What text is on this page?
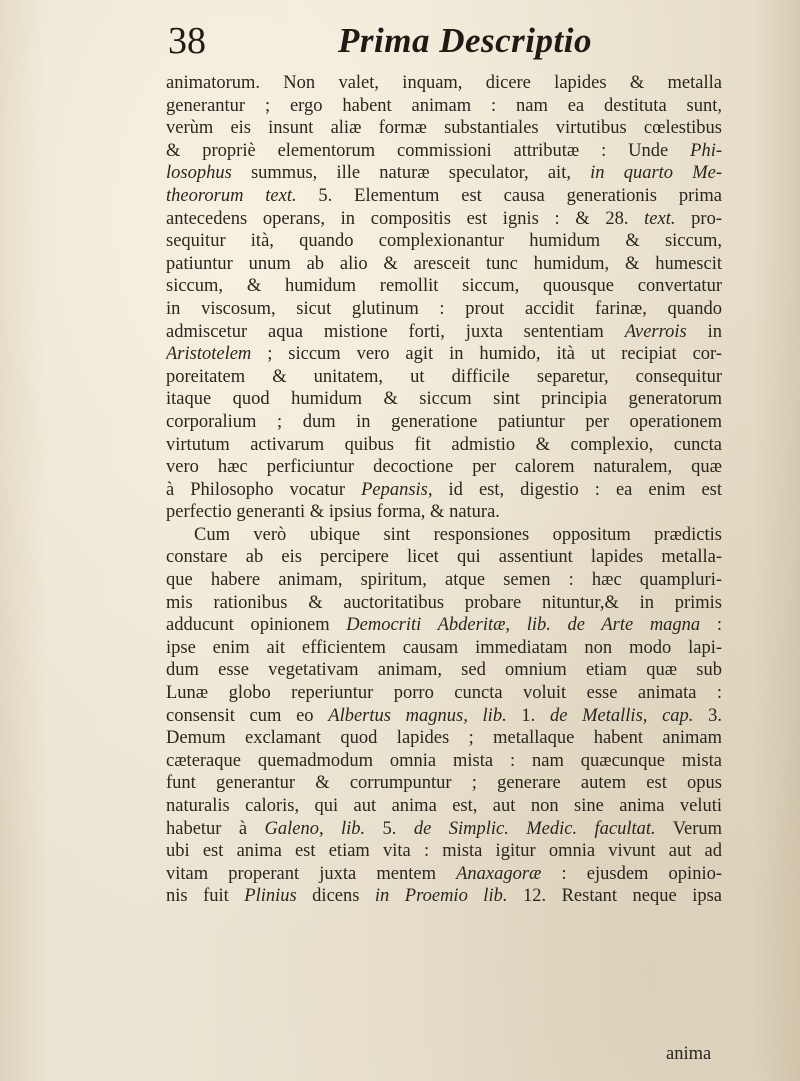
38	Prima Descriptio
animatorum. Non valet, inquam, dicere lapides & metalla
generantur ; ergo habent animam : nam ea destituta sunt,
verùm eis insunt aliæ formæ substantiales virtutibus cœlestibus
& propriè elementorum commissioni attributæ : Unde Phi-
losophus summus, ille naturæ speculator, ait, in quarto Me-
theororum text. 5. Elementum est causa generationis prima
antecedens operans, in compositis est ignis : & 28. text. pro-
sequitur ità, quando complexionantur humidum & siccum,
patiuntur unum ab alio & aresceit tunc humidum, & humescit
siccum, & humidum remollit siccum, quousque convertatur
in viscosum, sicut glutinum : prout accidit farinæ, quando
admiscetur aqua mistione forti, juxta sententiam Averrois in
Aristotelem ; siccum vero agit in humido, ità ut recipiat cor-
poreitatem & unitatem, ut difficile separetur, consequitur
itaque quod humidum & siccum sint principia generatorum
corporalium ; dum in generatione patiuntur per operationem
virtutum activarum quibus fit admistio & complexio, cuncta
vero hæc perficiuntur decoctione per calorem naturalem, quæ
à Philosopho vocatur Pepansis, id est, digestio : ea enim est
perfectio generanti & ipsius forma, & natura.
Cum verò ubique sint responsiones oppositum prædictis
constare ab eis percipere licet qui assentiunt lapides metalla-
que habere animam, spiritum, atque semen : hæc quampluri-
mis rationibus & auctoritatibus probare nituntur,& in primis
adducunt opinionem Democriti Abderitæ, lib. de Arte magna :
ipse enim ait efficientem causam immediatam non modo lapi-
dum esse vegetativam animam, sed omnium etiam quæ sub
Lunæ globo reperiuntur porro cuncta voluit esse animata :
consensit cum eo Albertus magnus, lib. 1. de Metallis, cap. 3.
Demum exclamant quod lapides ; metallaque habent animam
cæteraque quemadmodum omnia mista : nam quæcunque mista
funt generantur & corrumpuntur ; generare autem est opus
naturalis caloris, qui aut anima est, aut non sine anima veluti
habetur à Galeno, lib. 5. de Simplic. Medic. facultat. Verum
ubi est anima est etiam vita : mista igitur omnia vivunt aut ad
vitam properant juxta mentem Anaxagoræ : ejusdem opinio-
nis fuit Plinius dicens in Proemio lib. 12. Restant neque ipsa
anima
